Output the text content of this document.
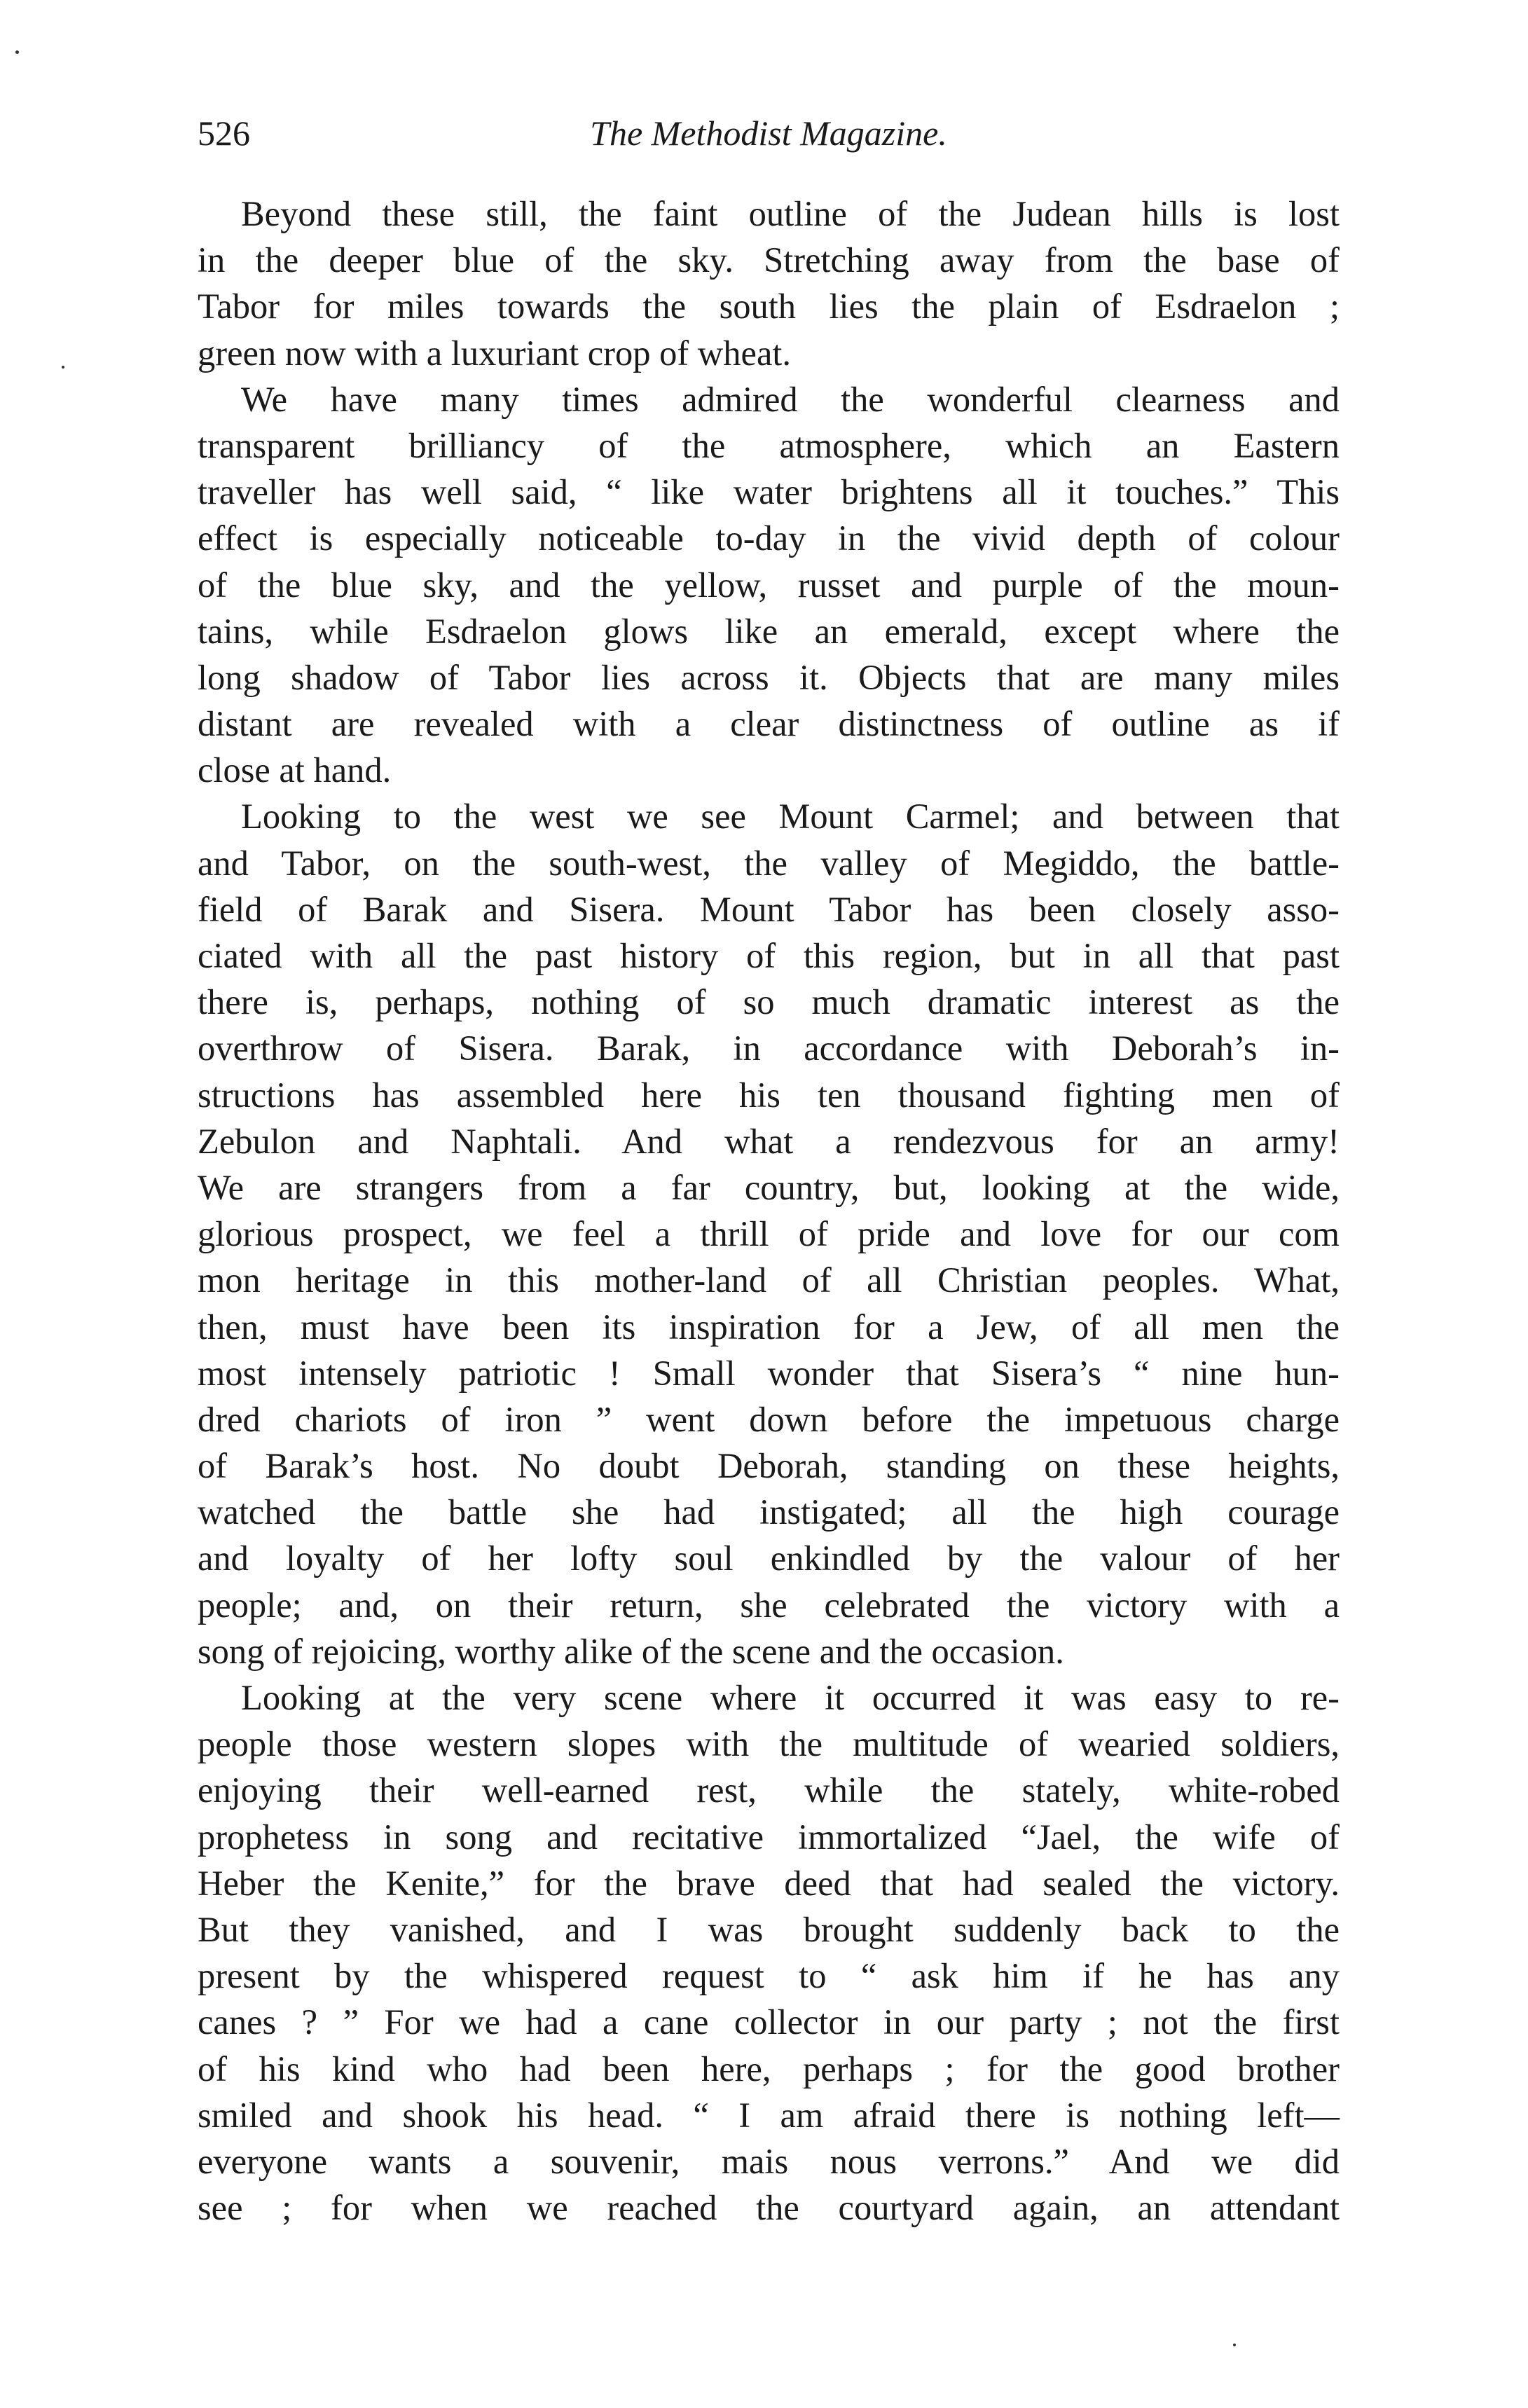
526	The Methodist Magazine.
Beyond these still, the faint outline of the Judean hills is lost
in the deeper blue of the sky. Stretching away from the base of
Tabor for miles towards the south lies the plain of Esdraelon ;
green now with a luxuriant crop of wheat.
We have many times admired the wonderful clearness and
transparent brilliancy of the atmosphere, which an Eastern
traveller has well said, “ like water brightens all it touches.” This
effect is especially noticeable to-day in the vivid depth of colour
of the blue sky, and the yellow, russet and purple of the moun-
tains, while Esdraelon glows like an emerald, except where the
long shadow of Tabor lies across it. Objects that are many miles
distant are revealed with a clear distinctness of outline as if
close at hand.
Looking to the west we see Mount Carmel; and between that
and Tabor, on the south-west, the valley of Megiddo, the battle-
field of Barak and Sisera. Mount Tabor has been closely asso-
ciated with all the past history of this region, but in all that past
there is, perhaps, nothing of so much dramatic interest as the
overthrow of Sisera. Barak, in accordance with Deborah’s in-
structions has assembled here his ten thousand fighting men of
Zebulon and Naphtali. And what a rendezvous for an army!
We are strangers from a far country, but, looking at the wide,
glorious prospect, we feel a thrill of pride and love for our com
mon heritage in this mother-land of all Christian peoples. What,
then, must have been its inspiration for a Jew, of all men the
most intensely patriotic ! Small wonder that Sisera’s “ nine hun-
dred chariots of iron ” went down before the impetuous charge
of Barak’s host. No doubt Deborah, standing on these heights,
watched the battle she had instigated; all the high courage
and loyalty of her lofty soul enkindled by the valour of her
people; and, on their return, she celebrated the victory with a
song of rejoicing, worthy alike of the scene and the occasion.
Looking at the very scene where it occurred it was easy to re-
people those western slopes with the multitude of wearied soldiers,
enjoying their well-earned rest, while the stately, white-robed
prophetess in song and recitative immortalized “Jael, the wife of
Heber the Kenite,” for the brave deed that had sealed the victory.
But they vanished, and I was brought suddenly back to the
present by the whispered request to “ ask him if he has any
canes ? ” For we had a cane collector in our party ; not the first
of his kind who had been here, perhaps ; for the good brother
smiled and shook his head. “ I am afraid there is nothing left—
everyone wants a souvenir, mais nous verrons.” And we did
see ; for when we reached the courtyard again, an attendant
